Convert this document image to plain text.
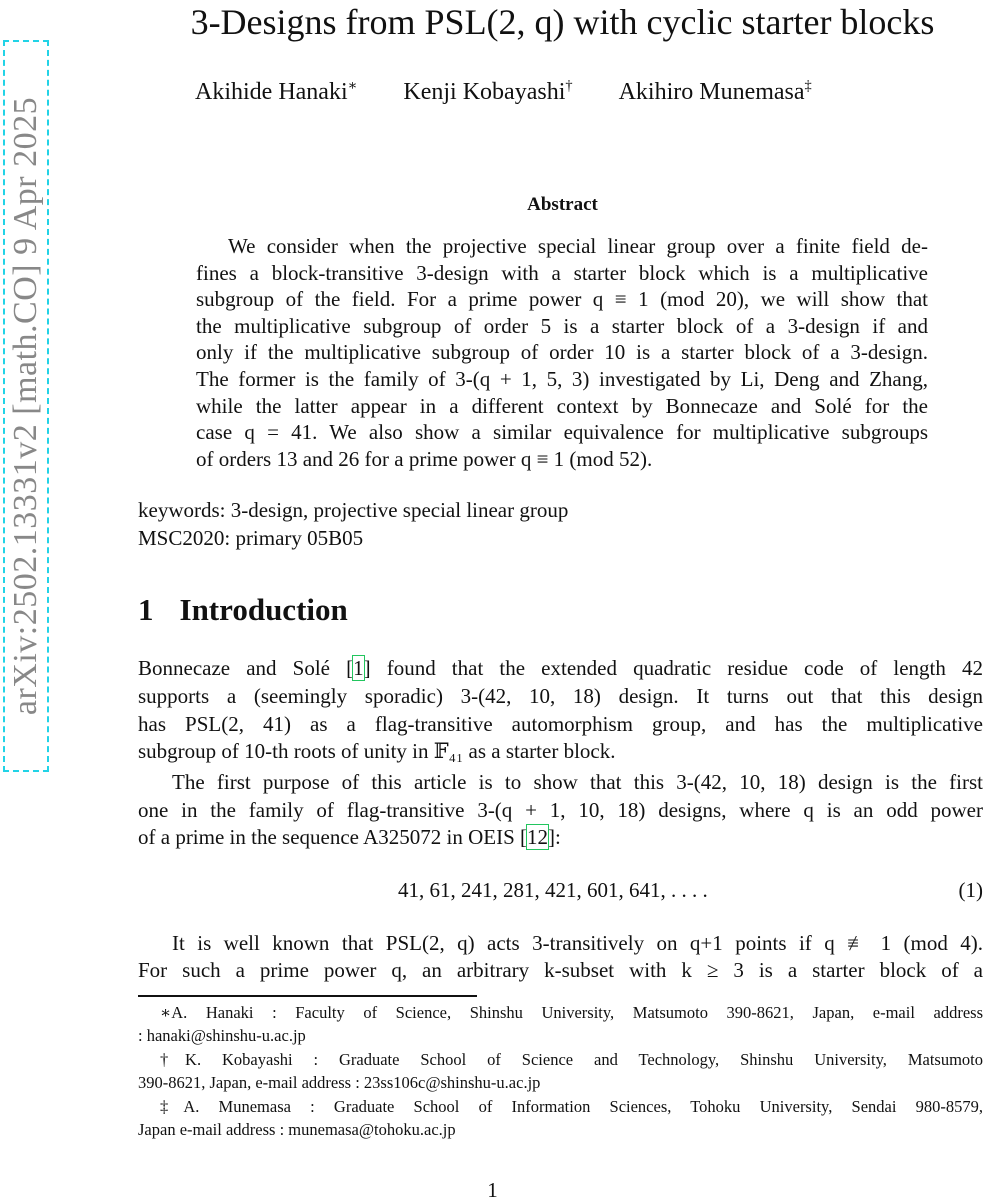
arXiv:2502.13331v2 [math.CO] 9 Apr 2025
3-Designs from PSL(2, q) with cyclic starter blocks
Akihide Hanaki∗ Kenji Kobayashi† Akihiro Munemasa‡
Abstract
We consider when the projective special linear group over a finite field de-
fines a block-transitive 3-design with a starter block which is a multiplicative
subgroup of the field. For a prime power q ≡ 1 (mod 20), we will show that
the multiplicative subgroup of order 5 is a starter block of a 3-design if and
only if the multiplicative subgroup of order 10 is a starter block of a 3-design.
The former is the family of 3-(q + 1, 5, 3) investigated by Li, Deng and Zhang,
while the latter appear in a different context by Bonnecaze and Solé for the
case q = 41. We also show a similar equivalence for multiplicative subgroups
of orders 13 and 26 for a prime power q ≡ 1 (mod 52).
keywords: 3-design, projective special linear group
MSC2020: primary 05B05
1 Introduction
Bonnecaze and Solé [1] found that the extended quadratic residue code of length 42
supports a (seemingly sporadic) 3-(42, 10, 18) design. It turns out that this design
has PSL(2, 41) as a flag-transitive automorphism group, and has the multiplicative
subgroup of 10-th roots of unity in 𝔽₄₁ as a starter block.
The first purpose of this article is to show that this 3-(42, 10, 18) design is the first
one in the family of flag-transitive 3-(q + 1, 10, 18) designs, where q is an odd power
of a prime in the sequence A325072 in OEIS [12]:
It is well known that PSL(2, q) acts 3-transitively on q+1 points if q ≢ 1 (mod 4).
For such a prime power q, an arbitrary k-subset with k ≥ 3 is a starter block of a
41, 61, 241, 281, 421, 601, 641, . . . .	(1)
∗A. Hanaki : Faculty of Science, Shinshu University, Matsumoto 390-8621, Japan, e-mail address
: hanaki@shinshu-u.ac.jp
†K. Kobayashi : Graduate School of Science and Technology, Shinshu University, Matsumoto
390-8621, Japan, e-mail address : 23ss106c@shinshu-u.ac.jp
‡A. Munemasa : Graduate School of Information Sciences, Tohoku University, Sendai 980-8579,
Japan e-mail address : munemasa@tohoku.ac.jp
1
